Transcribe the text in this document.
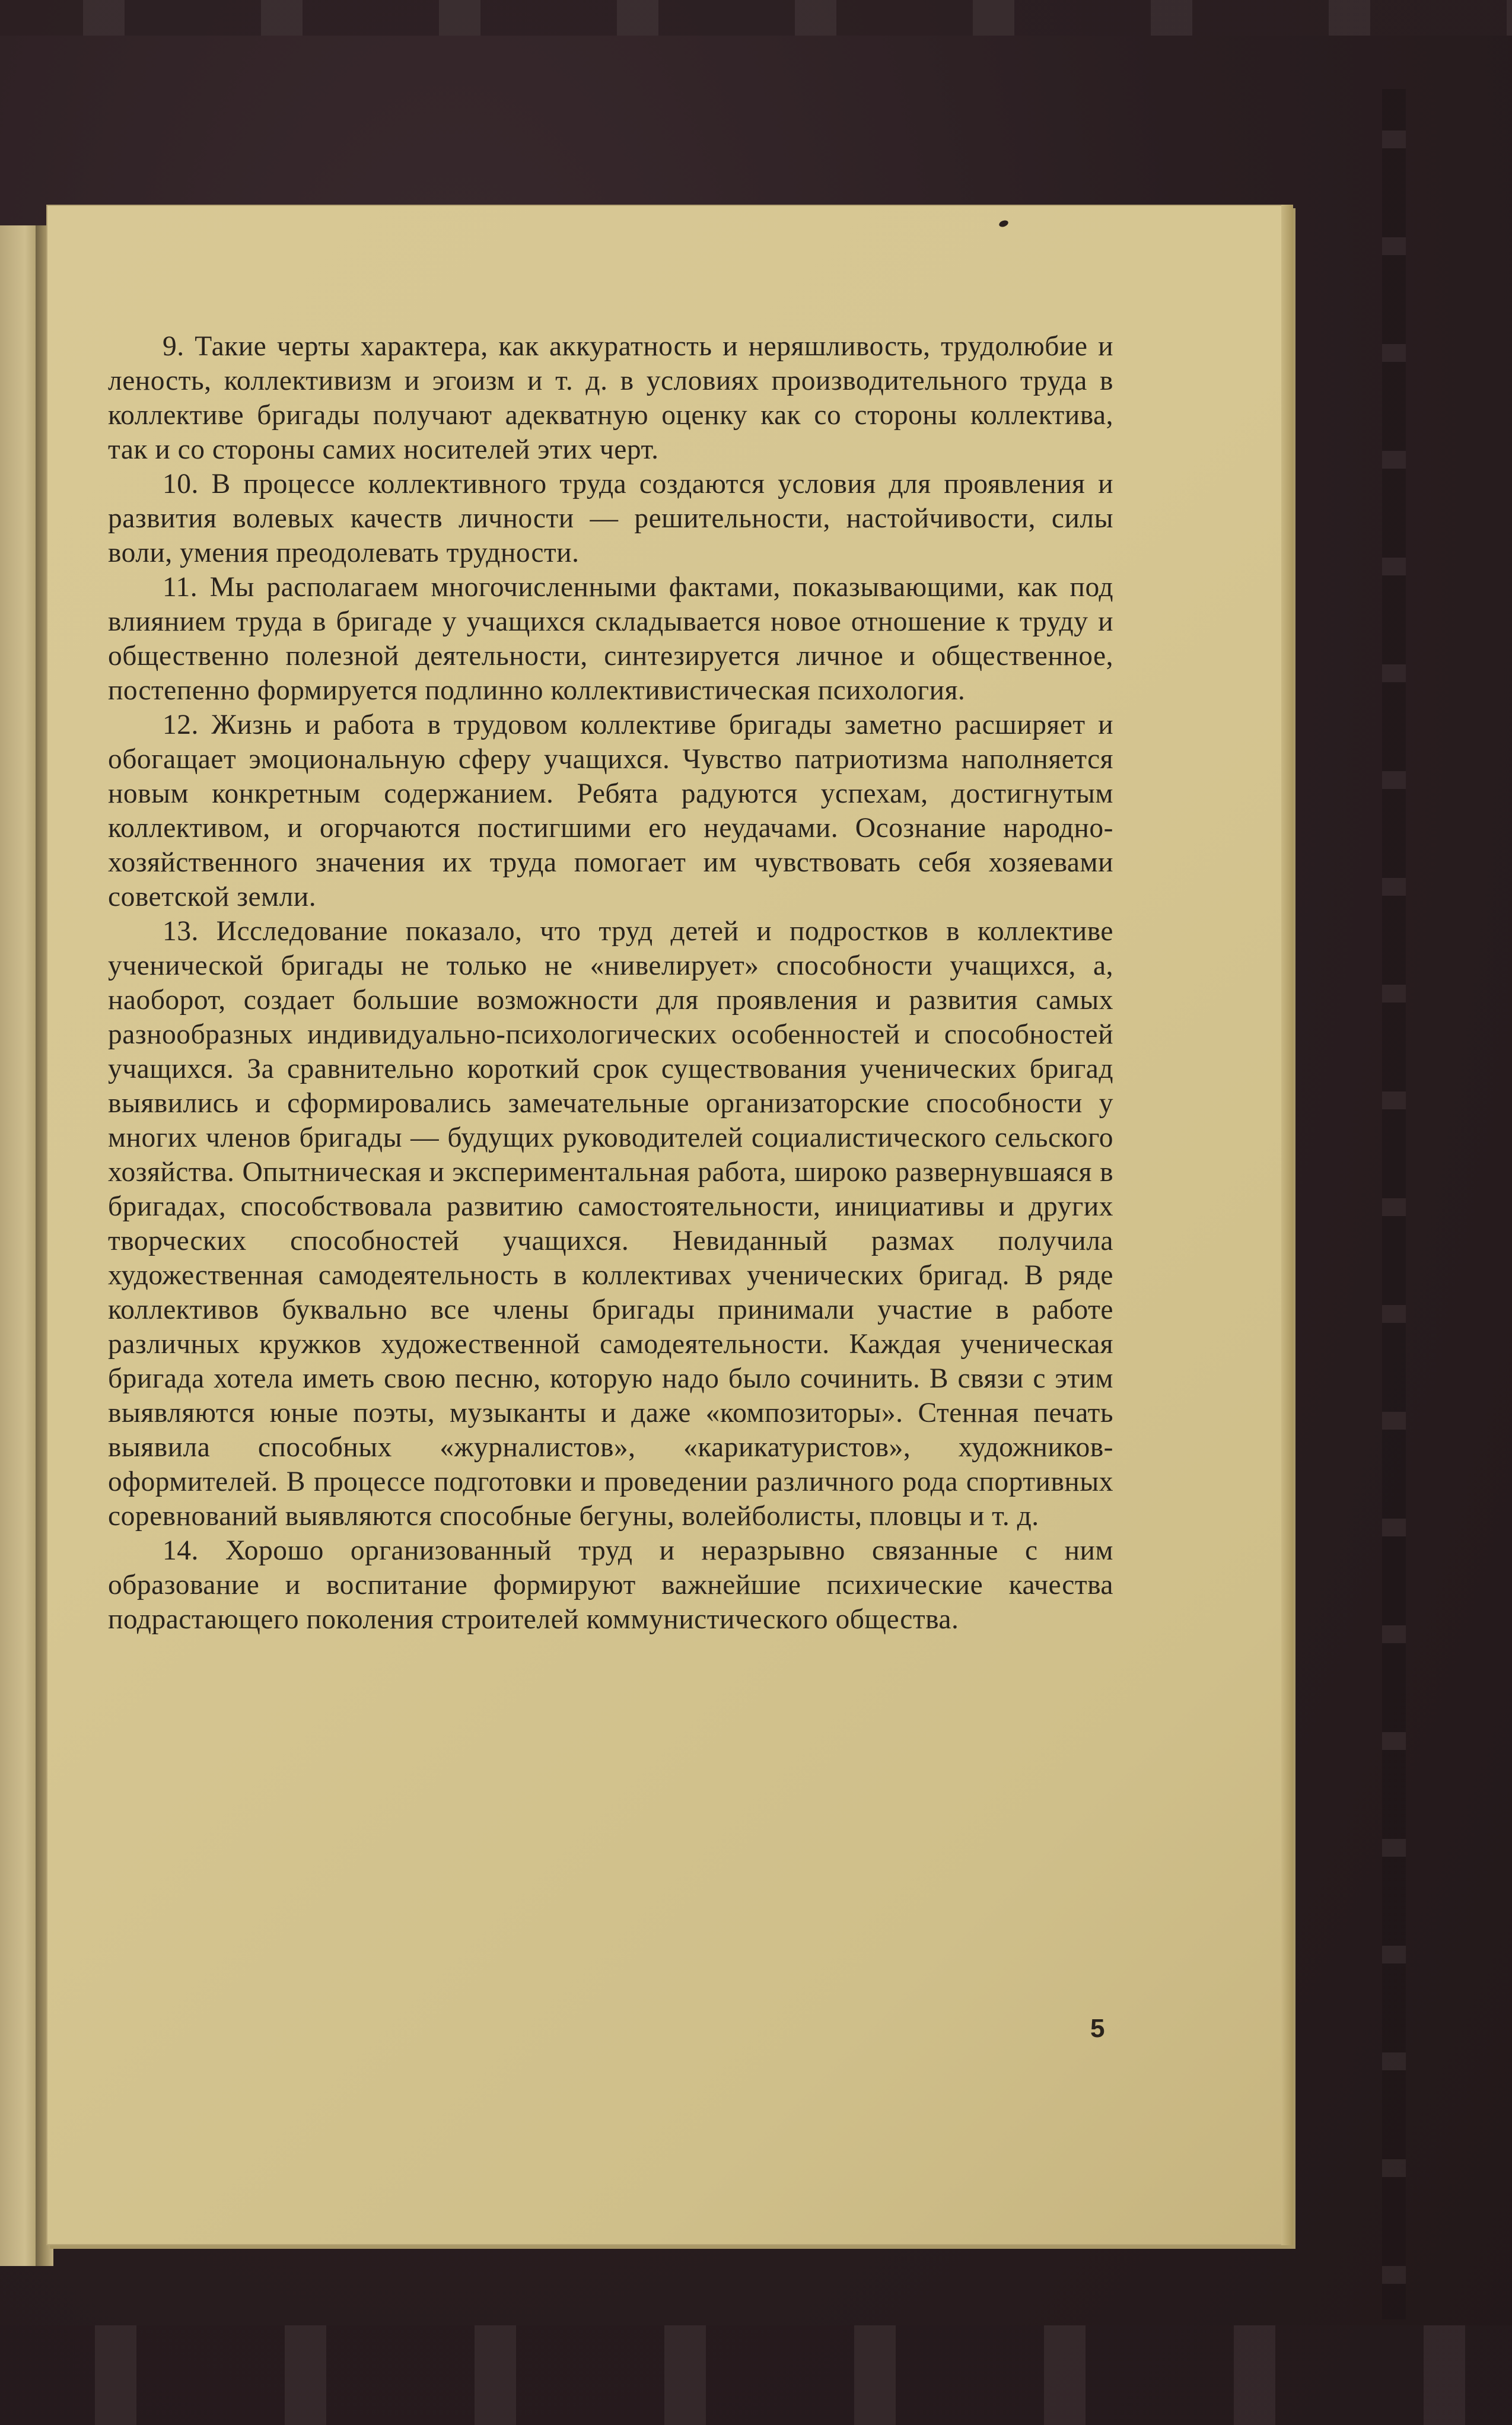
9. Такие черты характера, как аккуратность и неряшливость, трудолюбие и леность, коллективизм и эгоизм и т. д. в условиях производительного труда в коллективе бригады получают адекватную оценку как со стороны коллектива, так и со стороны самих носителей этих черт.

10. В процессе коллективного труда создаются условия для проявления и развития волевых качеств личности — решительности, настойчивости, силы воли, умения преодолевать трудности.

11. Мы располагаем многочисленными фактами, показывающими, как под влиянием труда в бригаде у учащихся складывается новое отношение к труду и общественно полезной деятельности, синтезируется личное и общественное, постепенно формируется подлинно коллективистическая психология.

12. Жизнь и работа в трудовом коллективе бригады заметно расширяет и обогащает эмоциональную сферу учащихся. Чувство патриотизма наполняется новым конкретным содержанием. Ребята радуются успехам, достигнутым коллективом, и огорчаются постигшими его неудачами. Осознание народно-хозяйственного значения их труда помогает им чувствовать себя хозяевами советской земли.

13. Исследование показало, что труд детей и подростков в коллективе ученической бригады не только не «нивелирует» способности учащихся, а, наоборот, создает большие возможности для проявления и развития самых разнообразных индивидуально-психологических особенностей и способностей учащихся. За сравнительно короткий срок существования ученических бригад выявились и сформировались замечательные организаторские способности у многих членов бригады — будущих руководителей социалистического сельского хозяйства. Опытническая и экспериментальная работа, широко развернувшаяся в бригадах, способствовала развитию самостоятельности, инициативы и других творческих способностей учащихся. Невиданный размах получила художественная самодеятельность в коллективах ученических бригад. В ряде коллективов буквально все члены бригады принимали участие в работе различных кружков художественной самодеятельности. Каждая ученическая бригада хотела иметь свою песню, которую надо было сочинить. В связи с этим выявляются юные поэты, музыканты и даже «композиторы». Стенная печать выявила способных «журналистов», «карикатуристов», художников-оформителей. В процессе подготовки и проведении различного рода спортивных соревнований выявляются способные бегуны, волейболисты, пловцы и т. д.

14. Хорошо организованный труд и неразрывно связанные с ним образование и воспитание формируют важнейшие психические качества подрастающего поколения строителей коммунистического общества.

5
